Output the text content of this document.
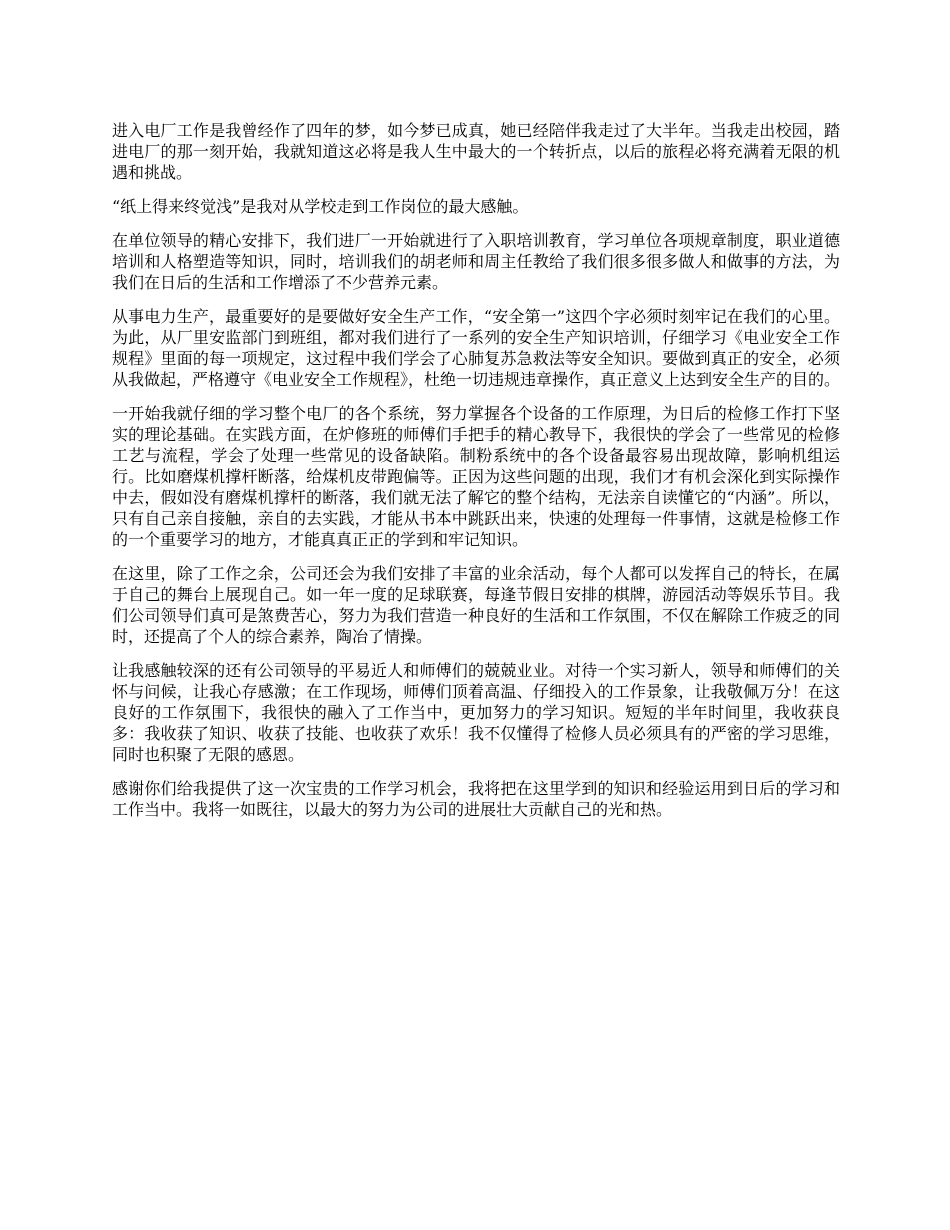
进入电厂工作是我曾经作了四年的梦，如今梦已成真，她已经陪伴我走过了大半年。当我走出校园，踏进电厂的那一刻开始，我就知道这必将是我人生中最大的一个转折点，以后的旅程必将充满着无限的机遇和挑战。

“纸上得来终觉浅”是我对从学校走到工作岗位的最大感触。

在单位领导的精心安排下，我们进厂一开始就进行了入职培训教育，学习单位各项规章制度，职业道德培训和人格塑造等知识，同时，培训我们的胡老师和周主任教给了我们很多很多做人和做事的方法，为我们在日后的生活和工作增添了不少营养元素。

从事电力生产，最重要好的是要做好安全生产工作，“安全第一”这四个字必须时刻牢记在我们的心里。为此，从厂里安监部门到班组，都对我们进行了一系列的安全生产知识培训，仔细学习《电业安全工作规程》里面的每一项规定，这过程中我们学会了心肺复苏急救法等安全知识。要做到真正的安全，必须从我做起，严格遵守《电业安全工作规程》，杜绝一切违规违章操作，真正意义上达到安全生产的目的。

一开始我就仔细的学习整个电厂的各个系统，努力掌握各个设备的工作原理，为日后的检修工作打下坚实的理论基础。在实践方面，在炉修班的师傅们手把手的精心教导下，我很快的学会了一些常见的检修工艺与流程，学会了处理一些常见的设备缺陷。制粉系统中的各个设备最容易出现故障，影响机组运行。比如磨煤机撑杆断落，给煤机皮带跑偏等。正因为这些问题的出现，我们才有机会深化到实际操作中去，假如没有磨煤机撑杆的断落，我们就无法了解它的整个结构，无法亲自读懂它的“内涵”。所以，只有自己亲自接触，亲自的去实践，才能从书本中跳跃出来，快速的处理每一件事情，这就是检修工作的一个重要学习的地方，才能真真正正的学到和牢记知识。

在这里，除了工作之余，公司还会为我们安排了丰富的业余活动，每个人都可以发挥自己的特长，在属于自己的舞台上展现自己。如一年一度的足球联赛，每逢节假日安排的棋牌，游园活动等娱乐节目。我们公司领导们真可是煞费苦心，努力为我们营造一种良好的生活和工作氛围，不仅在解除工作疲乏的同时，还提高了个人的综合素养，陶冶了情操。

让我感触较深的还有公司领导的平易近人和师傅们的兢兢业业。对待一个实习新人，领导和师傅们的关怀与问候，让我心存感激；在工作现场，师傅们顶着高温、仔细投入的工作景象，让我敬佩万分！在这良好的工作氛围下，我很快的融入了工作当中，更加努力的学习知识。短短的半年时间里，我收获良多：我收获了知识、收获了技能、也收获了欢乐！我不仅懂得了检修人员必须具有的严密的学习思维，同时也积聚了无限的感恩。

感谢你们给我提供了这一次宝贵的工作学习机会，我将把在这里学到的知识和经验运用到日后的学习和工作当中。我将一如既往，以最大的努力为公司的进展壮大贡献自己的光和热。
